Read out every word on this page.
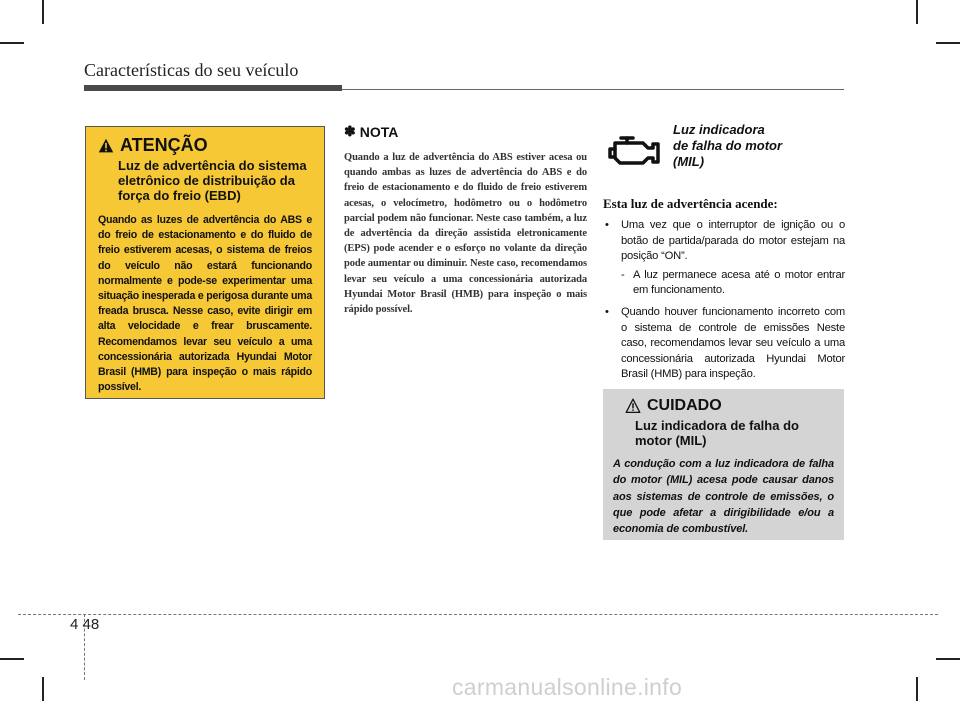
Características do seu veículo
ATENÇÃO
Luz de advertência do sistema eletrônico de distribuição da força do freio (EBD)
Quando as luzes de advertência do ABS e do freio de estacionamento e do fluido de freio estiverem acesas, o sistema de freios do veículo não estará funcionando normalmente e pode-se experimentar uma situação inesperada e perigosa durante uma freada brusca. Nesse caso, evite dirigir em alta velocidade e frear bruscamente. Recomendamos levar seu veículo a uma concessionária autorizada Hyundai Motor Brasil (HMB) para inspeção o mais rápido possível.
✽ NOTA
Quando a luz de advertência do ABS estiver acesa ou quando ambas as luzes de advertência do ABS e do freio de estacionamento e do fluido de freio estiverem acesas, o velocímetro, hodômetro ou o hodômetro parcial podem não funcionar. Neste caso também, a luz de advertência da direção assistida eletronicamente (EPS) pode acender e o esforço no volante da direção pode aumentar ou diminuir. Neste caso, recomendamos levar seu veículo a uma concessionária autorizada Hyundai Motor Brasil (HMB) para inspeção o mais rápido possível.
Luz indicadora
de falha do motor
(MIL)
Esta luz de advertência acende:
• Uma vez que o interruptor de ignição ou o botão de partida/parada do motor estejam na posição “ON”.
- A luz permanece acesa até o motor entrar em funcionamento.
• Quando houver funcionamento incorreto com o sistema de controle de emissões Neste caso, recomendamos levar seu veículo a uma concessionária autorizada Hyundai Motor Brasil (HMB) para inspeção.
CUIDADO
Luz indicadora de falha do motor (MIL)
A condução com a luz indicadora de falha do motor (MIL) acesa pode causar danos aos sistemas de controle de emissões, o que pode afetar a dirigibilidade e/ou a economia de combustível.
4 48
carmanualsonline.info
